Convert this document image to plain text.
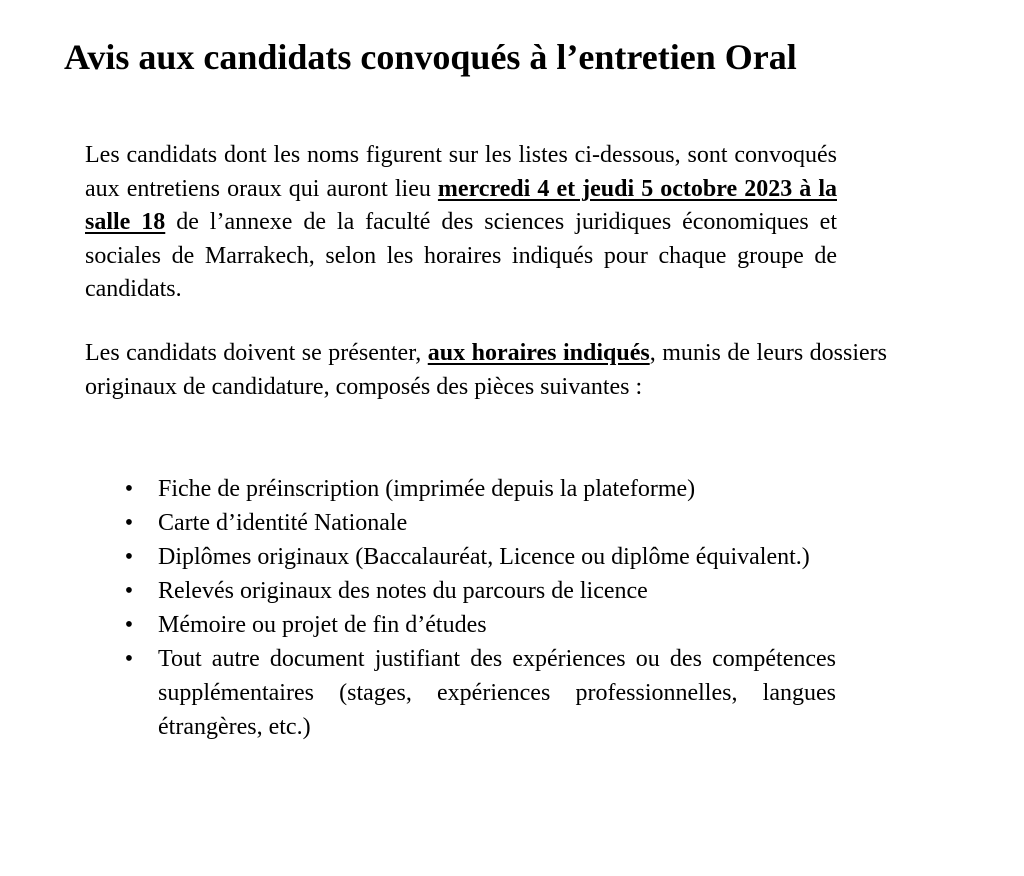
Avis aux candidats convoqués à l’entretien Oral

Les candidats dont les noms figurent sur les listes ci-dessous, sont convoqués aux entretiens oraux qui auront lieu mercredi 4 et jeudi 5 octobre 2023 à la salle 18 de l’annexe de la faculté des sciences juridiques économiques et sociales de Marrakech, selon les horaires indiqués pour chaque groupe de candidats.

Les candidats doivent se présenter, aux horaires indiqués, munis de leurs dossiers originaux de candidature, composés des pièces suivantes :

• Fiche de préinscription (imprimée depuis la plateforme)
• Carte d’identité Nationale
• Diplômes originaux (Baccalauréat, Licence ou diplôme équivalent.)
• Relevés originaux des notes du parcours de licence
• Mémoire ou projet de fin d’études
• Tout autre document justifiant des expériences ou des compétences supplémentaires (stages, expériences professionnelles, langues étrangères, etc.)
